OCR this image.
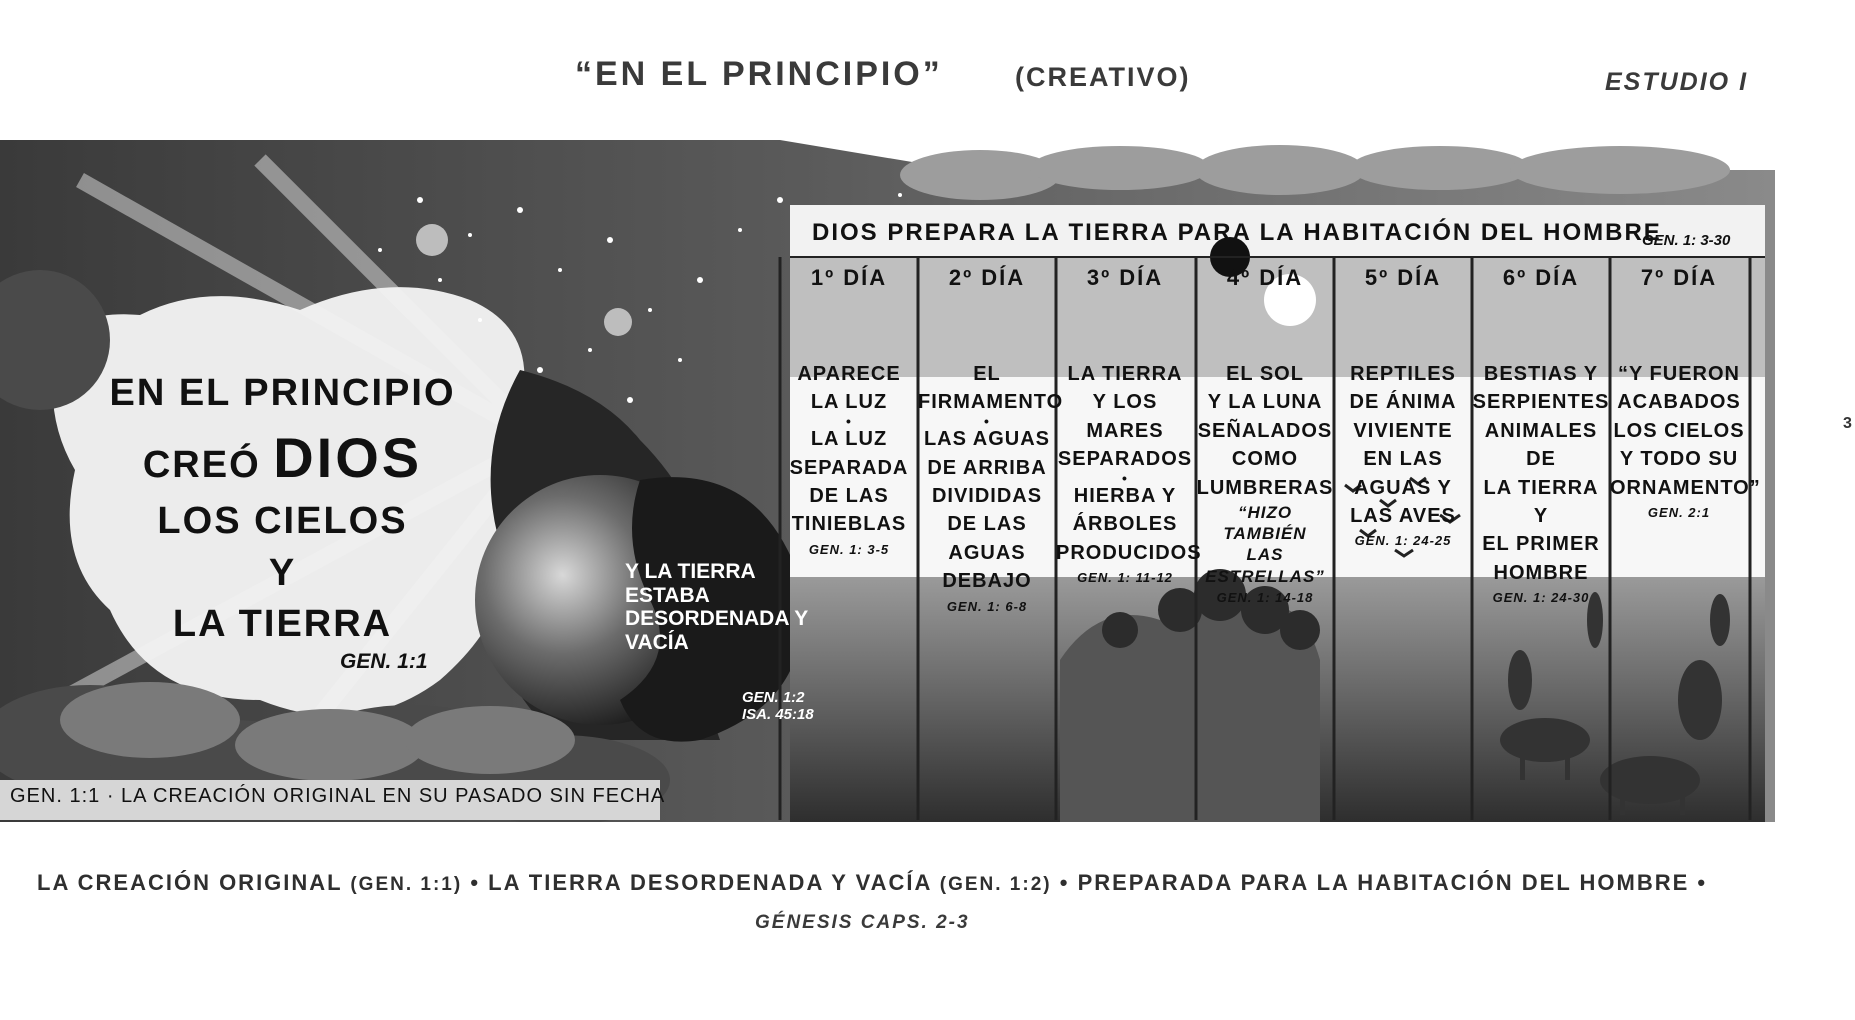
“EN EL PRINCIPIO”	(CREATIVO)	ESTUDIO I
3
EN EL PRINCIPIO
CREÓ DIOS
LOS CIELOS
Y
LA TIERRA
GEN. 1:1
Y LA TIERRA ESTABA DESORDENADA Y VACÍA
GEN. 1:2
ISA. 45:18
GEN. 1:1 · LA CREACIÓN ORIGINAL EN SU PASADO SIN FECHA
DIOS PREPARA LA TIERRA PARA LA HABITACIÓN DEL HOMBRE
GEN. 1: 3-30
1º DÍA
APARECE
LA LUZ
•
LA LUZ
SEPARADA
DE LAS
TINIEBLAS
GEN. 1: 3-5
2º DÍA
EL
FIRMAMENTO
•
LAS AGUAS
DE ARRIBA
DIVIDIDAS
DE LAS
AGUAS
DEBAJO
GEN. 1: 6-8
3º DÍA
LA TIERRA
Y LOS
MARES
SEPARADOS
•
HIERBA Y
ÁRBOLES
PRODUCIDOS
GEN. 1: 11-12
4º DÍA
EL SOL
Y LA LUNA
SEÑALADOS
COMO
LUMBRERAS
“HIZO TAMBIÉN
LAS
ESTRELLAS”
GEN. 1: 14-18
5º DÍA
REPTILES
DE ÁNIMA
VIVIENTE
EN LAS
AGUAS Y
LAS AVES
GEN. 1: 24-25
6º DÍA
BESTIAS Y
SERPIENTES
ANIMALES DE
LA TIERRA
Y
EL PRIMER
HOMBRE
GEN. 1: 24-30
7º DÍA
“Y FUERON
ACABADOS
LOS CIELOS
Y TODO SU
ORNAMENTO”
GEN. 2:1
LA CREACIÓN ORIGINAL (GEN. 1:1) • LA TIERRA DESORDENADA Y VACÍA (GEN. 1:2) • PREPARADA PARA LA HABITACIÓN DEL HOMBRE •
GÉNESIS CAPS. 2-3
